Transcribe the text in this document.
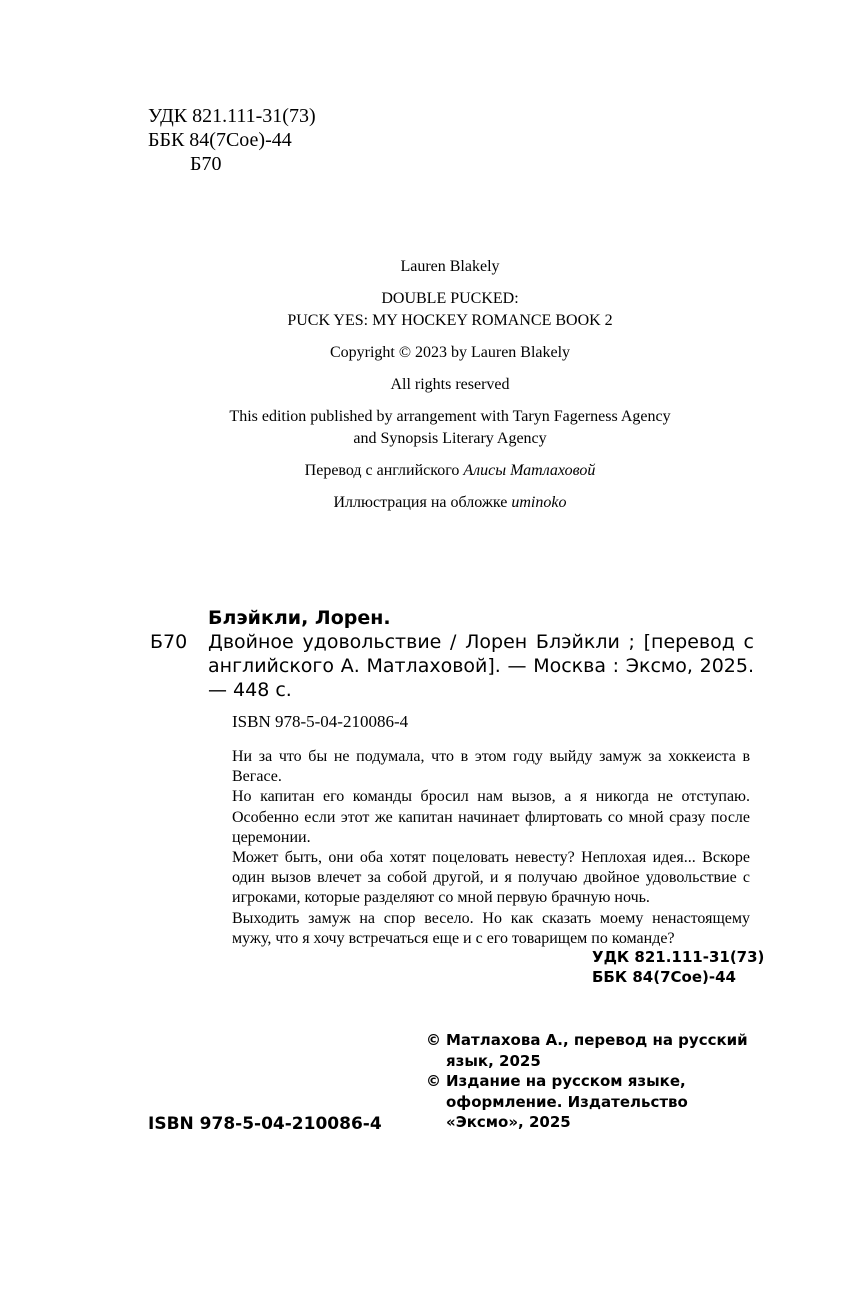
УДК 821.111-31(73)
ББК 84(7Сое)-44
Б70
Lauren Blakely
DOUBLE PUCKED:
PUCK YES: MY HOCKEY ROMANCE BOOK 2
Copyright © 2023 by Lauren Blakely
All rights reserved
This edition published by arrangement with Taryn Fagerness Agency
and Synopsis Literary Agency
Перевод с английского Алисы Матлаховой
Иллюстрация на обложке uminoko
Блэйкли, Лорен.
Б70	Двойное удовольствие / Лорен Блэйкли ; [перевод с английского А. Матлаховой]. — Москва : Эксмо, 2025. — 448 с.
ISBN 978-5-04-210086-4

Ни за что бы не подумала, что в этом году выйду замуж за хоккеиста в Вегасе.

Но капитан его команды бросил нам вызов, а я никогда не отступаю. Особенно если этот же капитан начинает флиртовать со мной сразу после церемонии.

Может быть, они оба хотят поцеловать невесту? Неплохая идея... Вскоре один вызов влечет за собой другой, и я получаю двойное удовольствие с игроками, которые разделяют со мной первую брачную ночь.

Выходить замуж на спор весело. Но как сказать моему ненастоящему мужу, что я хочу встречаться еще и с его товарищем по команде?

УДК 821.111-31(73)
ББК 84(7Сое)-44
© Матлахова А., перевод на русский язык, 2025
© Издание на русском языке, оформление. Издательство «Эксмо», 2025
ISBN 978-5-04-210086-4
